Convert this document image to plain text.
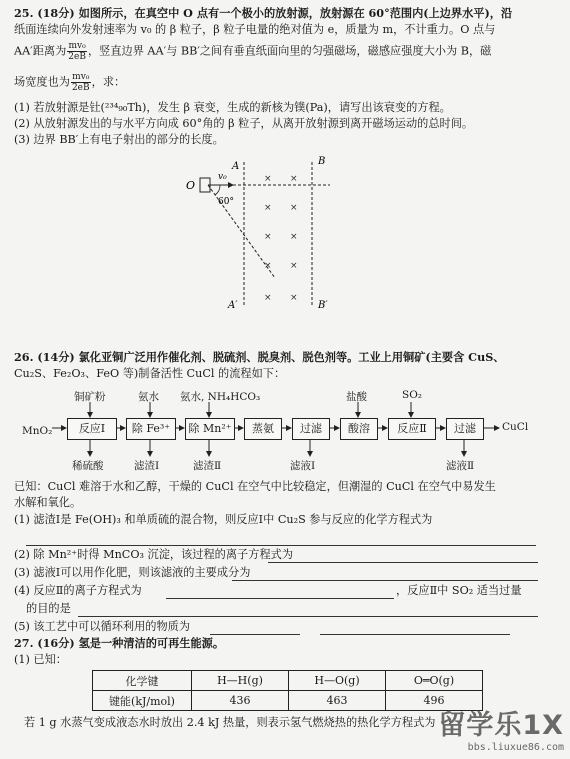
25. (18分) 如图所示，在真空中 O 点有一个极小的放射源，放射源在 60°范围内(上边界水平)，沿
纸面连续向外发射速率为 v₀ 的 β 粒子，β 粒子电量的绝对值为 e，质量为 m，不计重力。O 点与
AA′距离为 $\frac{\text{mv₀}}{2eB}$ ，竖直边界 AA′与 BB′之间有垂直纸面向里的匀强磁场，磁感应强度大小为 B，磁
场宽度也为 $\frac{\text{mv₀}}{2eB}$ ，求：
(1) 若放射源是钍(²³⁴₉₀Th)，发生 β 衰变，生成的新核为镤(Pa)，请写出该衰变的方程。
(2) 从放射源发出的与水平方向成 60°角的 β 粒子，从离开放射源到离开磁场运动的总时间。
(3) 边界 BB′上有电子射出的部分的长度。
O
v₀
60°
A	B
A′	B′
× ×
× ×
× ×
× ×
× ×
26. (14分) 氯化亚铜广泛用作催化剂、脱硫剂、脱臭剂、脱色剂等。工业上用铜矿(主要含 CuS、
Cu₂S、Fe₂O₃、FeO 等)制备活性 CuCl 的流程如下：
MnO₂	CuCl
反应Ⅰ	除 Fe³⁺	除 Mn²⁺	蒸氨	过滤	酸溶	反应Ⅱ	过滤
铜矿粉	氨水 氨水, NH₄HCO₃	盐酸	SO₂
稀硫酸	滤渣Ⅰ	滤渣Ⅱ	滤液Ⅰ	滤液Ⅱ
已知：CuCl 难溶于水和乙醇，干燥的 CuCl 在空气中比较稳定，但潮湿的 CuCl 在空气中易发生
水解和氧化。
(1) 滤渣Ⅰ是 Fe(OH)₃ 和单质硫的混合物，则反应Ⅰ中 Cu₂S 参与反应的化学方程式为
(2) 除 Mn²⁺时得 MnCO₃ 沉淀，该过程的离子方程式为
(3) 滤液Ⅰ可以用作化肥，则该滤液的主要成分为
(4) 反应Ⅱ的离子方程式为	，反应Ⅱ中 SO₂ 适当过量
的目的是
(5) 该工艺中可以循环利用的物质为
27. (16分) 氢是一种清洁的可再生能源。
(1) 已知：
化学键	H—H(g)	H—O(g)	O═O(g)
键能(kJ/mol)	436	463	496
若 1 g 水蒸气变成液态水时放出 2.4 kJ 热量，则表示氢气燃烧热的热化学方程式为 留学乐1X
bbs.liuxue86.com
